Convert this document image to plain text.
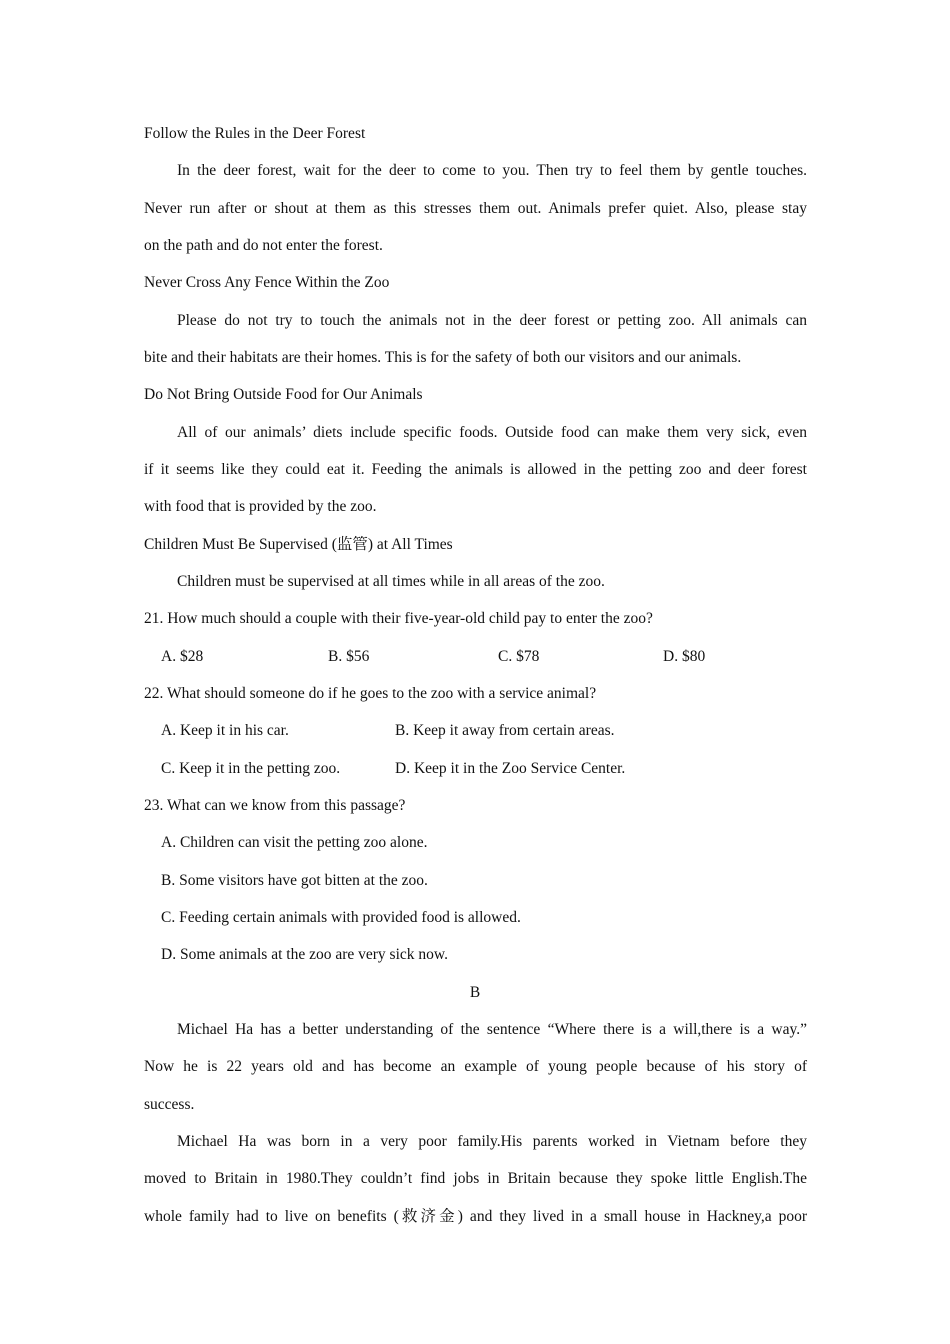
Follow the Rules in the Deer Forest
In the deer forest, wait for the deer to come to you. Then try to feel them by gentle touches.
Never run after or shout at them as this stresses them out. Animals prefer quiet. Also, please stay
on the path and do not enter the forest.
Never Cross Any Fence Within the Zoo
Please do not try to touch the animals not in the deer forest or petting zoo. All animals can
bite and their habitats are their homes. This is for the safety of both our visitors and our animals.
Do Not Bring Outside Food for Our Animals
All of our animals’ diets include specific foods. Outside food can make them very sick, even
if it seems like they could eat it. Feeding the animals is allowed in the petting zoo and deer forest
with food that is provided by the zoo.
Children Must Be Supervised (监管) at All Times
Children must be supervised at all times while in all areas of the zoo.
21. How much should a couple with their five-year-old child pay to enter the zoo?
A. $28	B. $56	C. $78	D. $80
22. What should someone do if he goes to the zoo with a service animal?
A. Keep it in his car.	B. Keep it away from certain areas.
C. Keep it in the petting zoo.	D. Keep it in the Zoo Service Center.
23. What can we know from this passage?
A. Children can visit the petting zoo alone.
B. Some visitors have got bitten at the zoo.
C. Feeding certain animals with provided food is allowed.
D. Some animals at the zoo are very sick now.
B
Michael Ha has a better understanding of the sentence “Where there is a will,there is a way.”
Now he is 22 years old and has become an example of young people because of his story of
success.
Michael Ha was born in a very poor family.His parents worked in Vietnam before they
moved to Britain in 1980.They couldn’t find jobs in Britain because they spoke little English.The
whole family had to live on benefits (救济金) and they lived in a small house in Hackney,a poor
